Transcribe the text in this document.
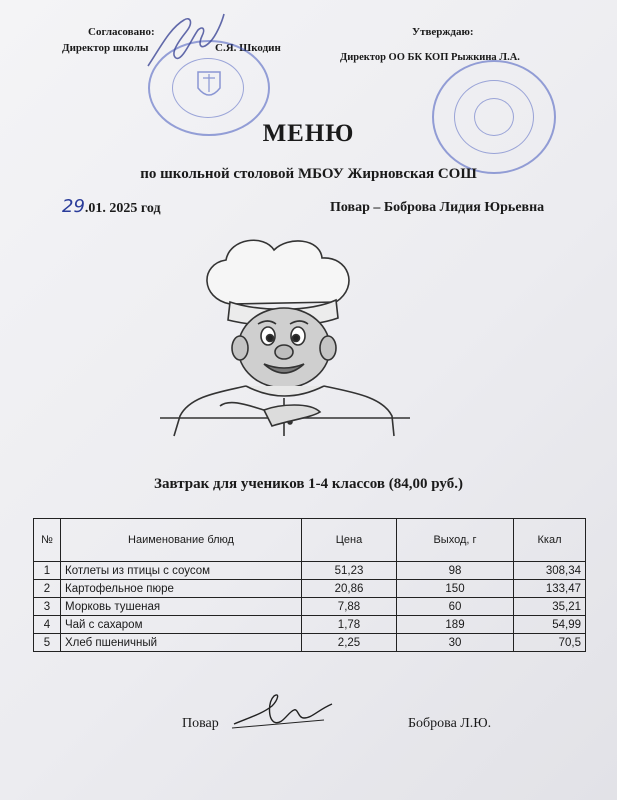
Согласовано:
Директор школы	С.Я. Шкодин
Утверждаю:
Директор ОО БК КОП Рыжкина Л.А.
МЕНЮ
по школьной столовой МБОУ Жирновская СОШ
29.01. 2025 год	Повар – Боброва Лидия Юрьевна
Завтрак для учеников 1-4 классов (84,00 руб.)
№	Наименование блюд	Цена	Выход, г	Ккал
1	Котлеты из птицы с соусом	51,23	98	308,34
2	Картофельное пюре	20,86	150	133,47
3	Морковь тушеная	7,88	60	35,21
4	Чай с сахаром	1,78	189	54,99
5	Хлеб пшеничный	2,25	30	70,5
Повар	Боброва Л.Ю.
